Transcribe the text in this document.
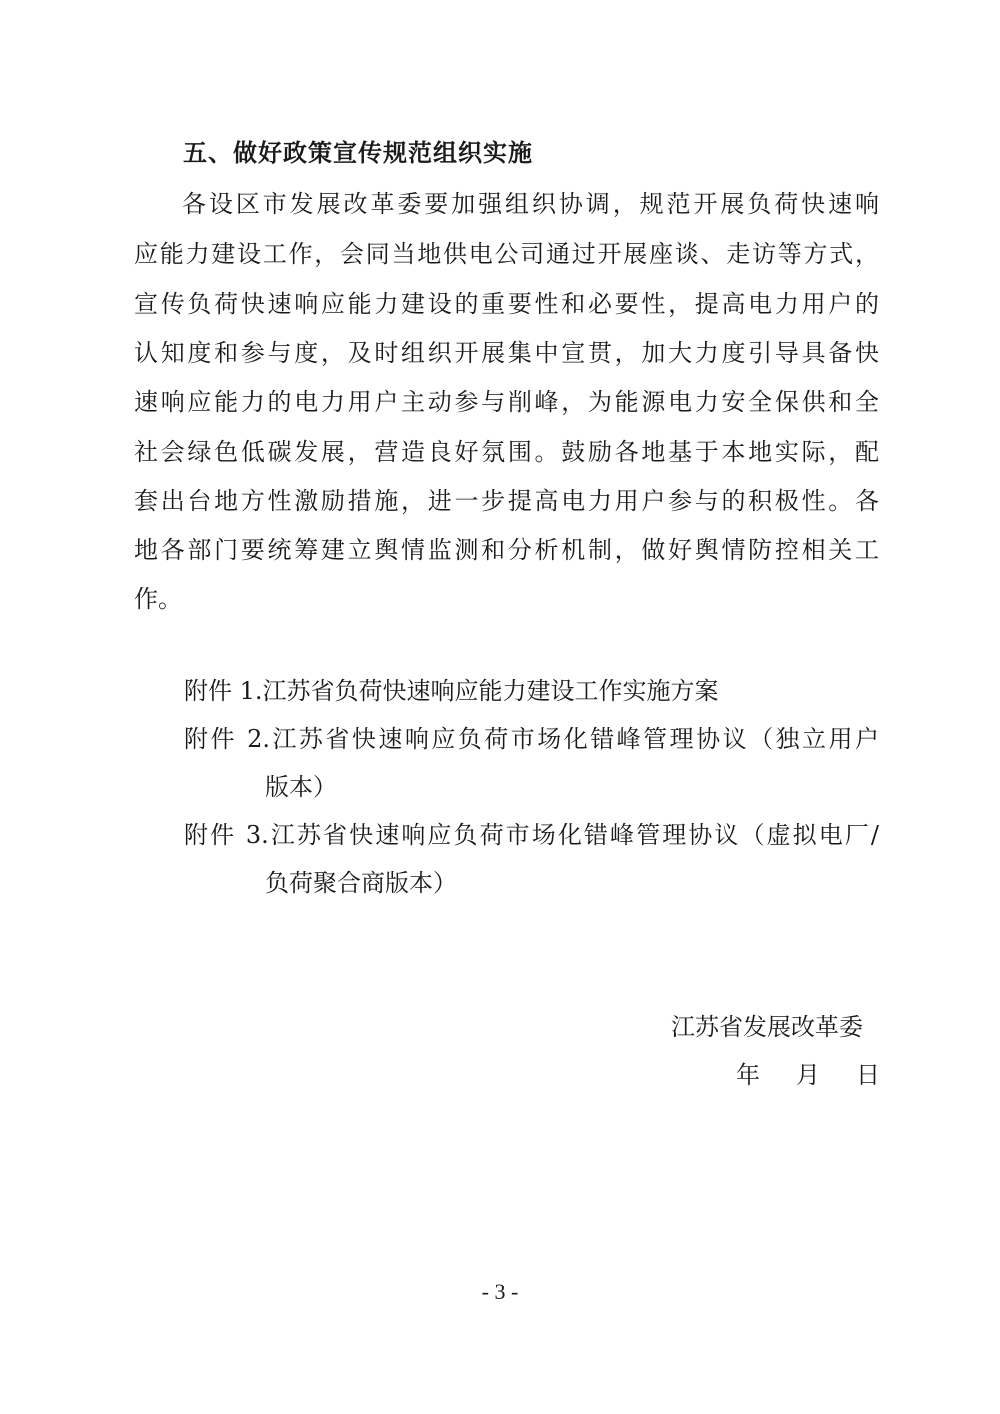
五、做好政策宣传规范组织实施
各设区市发展改革委要加强组织协调，规范开展负荷快速响
应能力建设工作，会同当地供电公司通过开展座谈、走访等方式，
宣传负荷快速响应能力建设的重要性和必要性，提高电力用户的
认知度和参与度，及时组织开展集中宣贯，加大力度引导具备快
速响应能力的电力用户主动参与削峰，为能源电力安全保供和全
社会绿色低碳发展，营造良好氛围。鼓励各地基于本地实际，配
套出台地方性激励措施，进一步提高电力用户参与的积极性。各
地各部门要统筹建立舆情监测和分析机制，做好舆情防控相关工
作。
附件 1.江苏省负荷快速响应能力建设工作实施方案
附件 2.江苏省快速响应负荷市场化错峰管理协议（独立用户
版本）
附件 3.江苏省快速响应负荷市场化错峰管理协议（虚拟电厂/
负荷聚合商版本）
江苏省发展改革委
年 月 日
- 3 -
